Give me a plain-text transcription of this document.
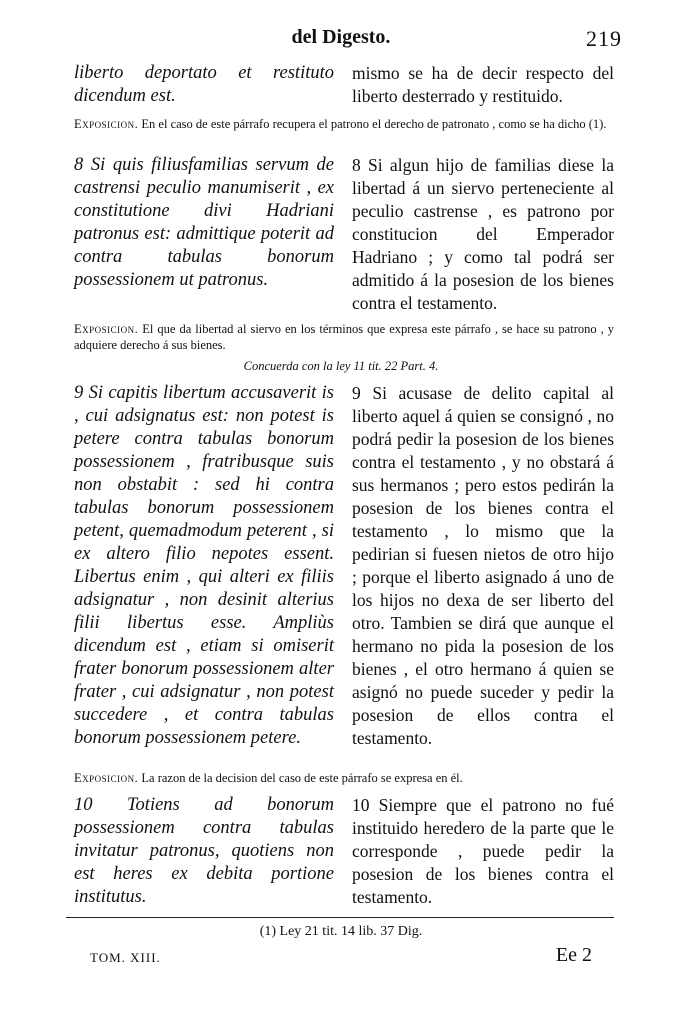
del Digesto.	219
liberto deportato et restituto dicendum est.
mismo se ha de decir respecto del liberto desterrado y restituido.
Exposicion. En el caso de este párrafo recupera el patrono el derecho de patronato , como se ha dicho (1).
8 Si quis filiusfamilias servum de castrensi peculio manumiserit , ex constitutione divi Hadriani patronus est: admittique poterit ad contra tabulas bonorum possessionem ut patronus.
8 Si algun hijo de familias diese la libertad á un siervo perteneciente al peculio castrense , es patrono por constitucion del Emperador Hadriano ; y como tal podrá ser admitido á la posesion de los bienes contra el testamento.
Exposicion. El que da libertad al siervo en los términos que expresa este párrafo , se hace su patrono , y adquiere derecho á sus bienes.
Concuerda con la ley 11 tit. 22 Part. 4.
9 Si capitis libertum accusaverit is , cui adsignatus est: non potest is petere contra tabulas bonorum possessionem , fratribusque suis non obstabit : sed hi contra tabulas bonorum possessionem petent, quemadmodum peterent , si ex altero filio nepotes essent. Libertus enim , qui alteri ex filiis adsignatur , non desinit alterius filii libertus esse. Ampliùs dicendum est , etiam si omiserit frater bonorum possessionem alter frater , cui adsignatur , non potest succedere , et contra tabulas bonorum possessionem petere.
9 Si acusase de delito capital al liberto aquel á quien se consignó , no podrá pedir la posesion de los bienes contra el testamento , y no obstará á sus hermanos ; pero estos pedirán la posesion de los bienes contra el testamento , lo mismo que la pedirian si fuesen nietos de otro hijo ; porque el liberto asignado á uno de los hijos no dexa de ser liberto del otro. Tambien se dirá que aunque el hermano no pida la posesion de los bienes , el otro hermano á quien se asignó no puede suceder y pedir la posesion de ellos contra el testamento.
Exposicion. La razon de la decision del caso de este párrafo se expresa en él.
10 Totiens ad bonorum possessionem contra tabulas invitatur patronus, quotiens non est heres ex debita portione institutus.
10 Siempre que el patrono no fué instituido heredero de la parte que le corresponde , puede pedir la posesion de los bienes contra el testamento.
(1) Ley 21 tit. 14 lib. 37 Dig.
TOM. XIII.	Ee 2
